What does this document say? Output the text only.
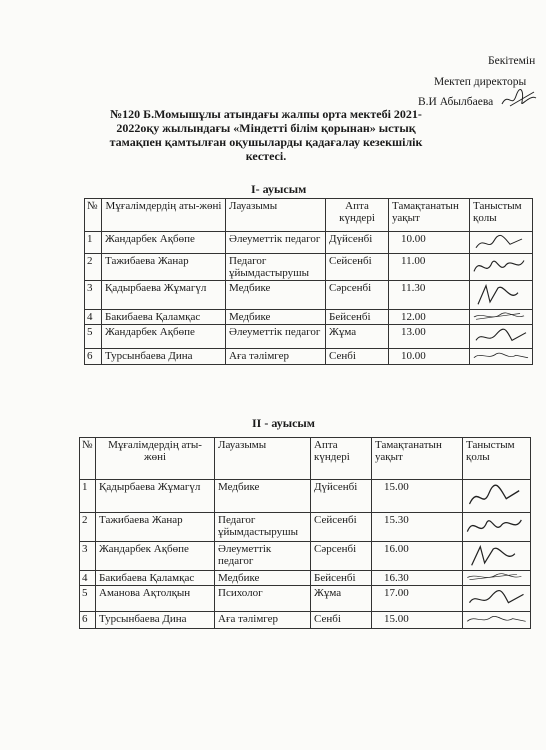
Бекітемін
Мектеп директоры
В.И Абылбаева
№120 Б.Момышұлы атындағы жалпы орта мектебі 2021-2022оқу жылындағы «Міндетті білім қорынан» ыстық тамақпен қамтылған оқушыларды қадағалау кезекшілік кестесі.
I- ауысым
№	Мұғалімдердің аты-жөні	Лауазымы	Апта күндері	Тамақтанатын уақыт	Таныстым қолы
1	Жандарбек Ақбөпе	Әлеуметтік педагог	Дүйсенбі	10.00	

2	Тажибаева Жанар	Педагог ұйымдастырушы	Сейсенбі	11.00	

3	Қадырбаева Жұмагүл	Медбике	Сәрсенбі	11.30	

4	Бакибаева Қаламқас	Медбике	Бейсенбі	12.00	

5	Жандарбек Ақбөпе	Әлеуметтік педагог	Жұма	13.00	

6	Турсынбаева Дина	Аға тәлімгер	Сенбі	10.00	
II - ауысым
№	Мұғалімдердің аты-жөні	Лауазымы	Апта күндері	Тамақтанатын уақыт	Таныстым қолы
1	Қадырбаева Жұмагүл	Медбике	Дүйсенбі	15.00	

2	Тажибаева Жанар	Педагог ұйымдастырушы	Сейсенбі	15.30	

3	Жандарбек Ақбөпе	Әлеуметтік педагог	Сәрсенбі	16.00	

4	Бакибаева Қаламқас	Медбике	Бейсенбі	16.30	

5	Аманова Ақтолқын	Психолог	Жұма	17.00	

6	Турсынбаева Дина	Аға тәлімгер	Сенбі	15.00	
